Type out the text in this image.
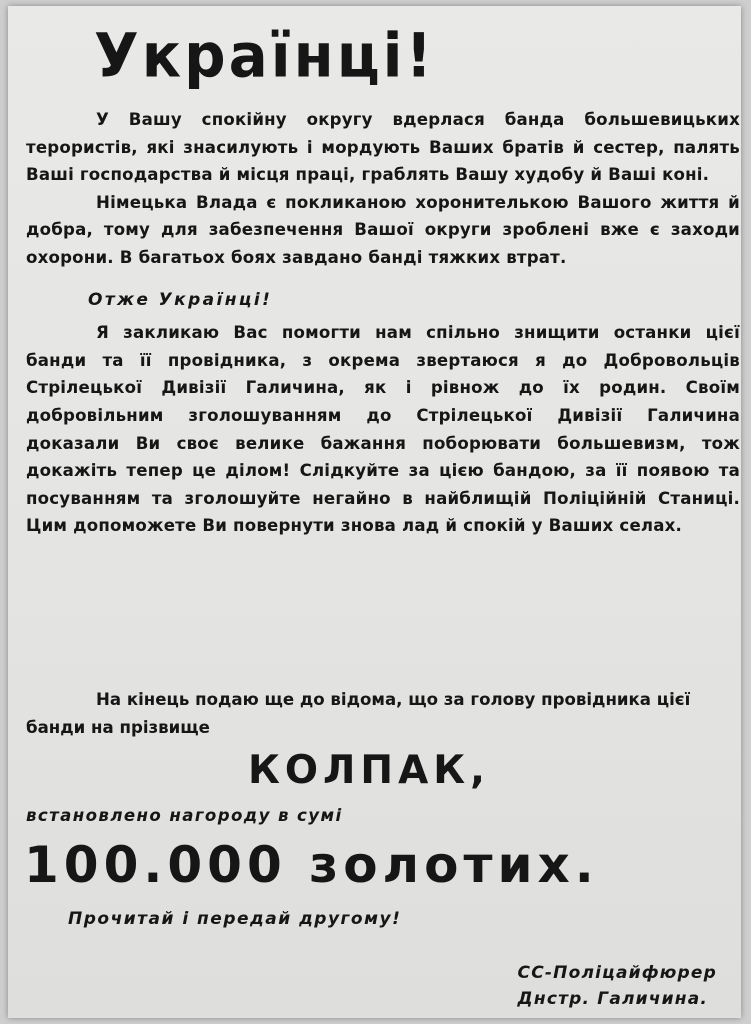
Українці!

У Вашу спокійну округу вдерлася банда большевицьких терористів, які знасилують і мордують Ваших братів й сестер, палять Ваші господарства й місця праці, граблять Вашу худобу й Ваші коні.

Німецька Влада є покликаною хоронителькою Вашого життя й добра, тому для забезпечення Вашої округи зроблені вже є заходи охорони. В багатьох боях завдано банді тяжких втрат.

Отже Українці!

Я закликаю Вас помогти нам спільно знищити останки цієї банди та її провідника, з окрема звертаюся я до Добровольців Стрілецької Дивізії Галичина, як і рівнож до їх родин. Своїм добровільним зголошуванням до Стрілецької Дивізії Галичина доказали Ви своє велике бажання поборювати большевизм, тож докажіть тепер це ділом! Слідкуйте за цією бандою, за її появою та посуванням та зголошуйте негайно в найблищій Поліційній Станиці. Цим допоможете Ви повернути знова лад й спокій у Ваших селах.

На кінець подаю ще до відома, що за голову провідника цієї банди на прізвище

КОЛПАК,
встановлено нагороду в сумі
100.000 золотих.
Прочитай і передай другому!
СС-Поліцайфюрер
Днстр. Галичина.
